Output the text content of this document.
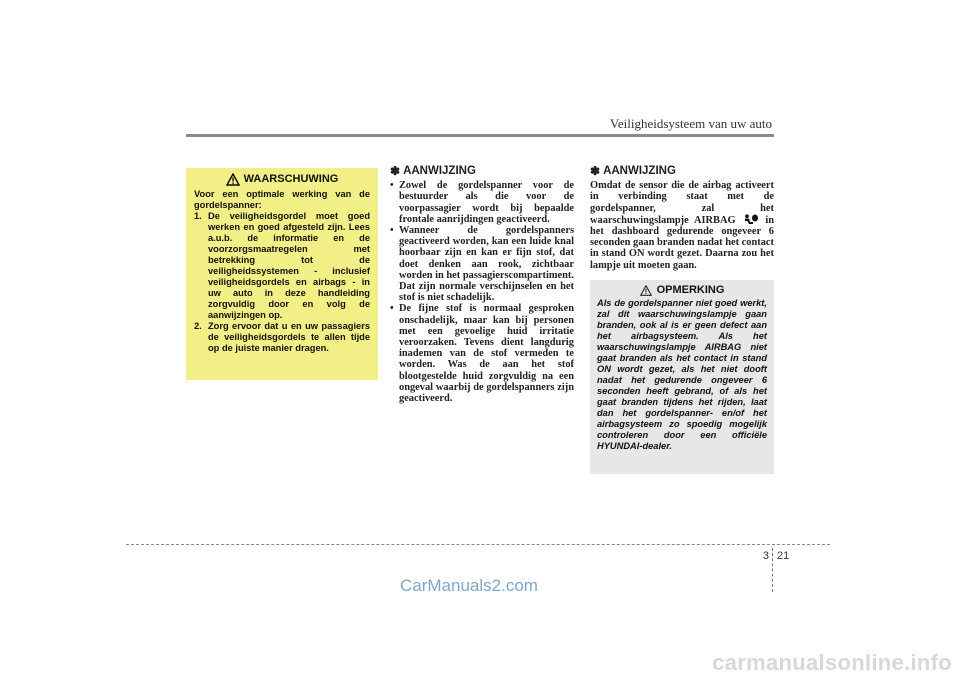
Veiligheidsysteem van uw auto
WAARSCHUWING
Voor een optimale werking van de gordelspanner:
1. De veiligheidsgordel moet goed werken en goed afgesteld zijn. Lees a.u.b. de informatie en de voorzorgsmaatregelen met betrekking tot de veiligheidssystemen - inclusief veiligheidsgordels en airbags - in uw auto in deze handleiding zorgvuldig door en volg de aanwijzingen op.
2. Zorg ervoor dat u en uw passagiers de veiligheidsgordels te allen tijde op de juiste manier dragen.
✽ AANWIJZING
• Zowel de gordelspanner voor de bestuurder als die voor de voorpassagier wordt bij bepaalde frontale aanrijdingen geactiveerd.
• Wanneer de gordelspanners geactiveerd worden, kan een luide knal hoorbaar zijn en kan er fijn stof, dat doet denken aan rook, zichtbaar worden in het passagierscompartiment. Dat zijn normale verschijnselen en het stof is niet schadelijk.
• De fijne stof is normaal gesproken onschadelijk, maar kan bij personen met een gevoelige huid irritatie veroorzaken. Tevens dient langdurig inademen van de stof vermeden te worden. Was de aan het stof blootgestelde huid zorgvuldig na een ongeval waarbij de gordelspanners zijn geactiveerd.
✽ AANWIJZING

Omdat de sensor die de airbag activeert in verbinding staat met de gordelspanner, zal het waarschuwingslampje AIRBAG	in het dashboard gedurende ongeveer 6 seconden gaan branden nadat het contact in stand ON wordt gezet. Daarna zou het lampje uit moeten gaan.

OPMERKING
Als de gordelspanner niet goed werkt, zal dit waarschuwingslampje gaan branden, ook al is er geen defect aan het airbagsysteem. Als het waarschuwingslampje AIRBAG niet gaat branden als het contact in stand ON wordt gezet, als het niet dooft nadat het gedurende ongeveer 6 seconden heeft gebrand, of als het gaat branden tijdens het rijden, laat dan het gordelspanner- en/of het airbagsysteem zo spoedig mogelijk controleren door een officiële HYUNDAI-dealer.
3 21
CarManuals2.com
carmanualsonline.info
